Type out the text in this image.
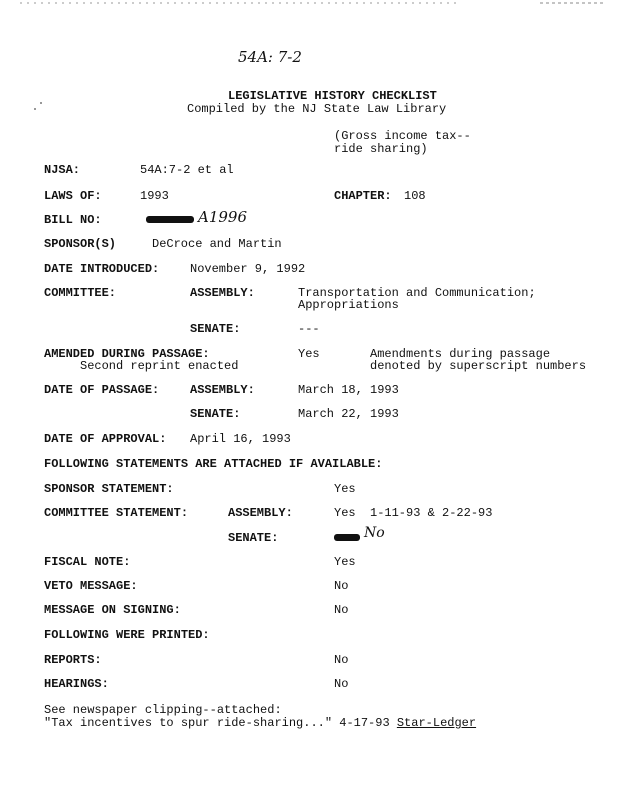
54A: 7-2
LEGISLATIVE HISTORY CHECKLIST
Compiled by the NJ State Law Library
(Gross income tax--
ride sharing)
NJSA:	54A:7-2 et al
LAWS OF:	1993	CHAPTER: 108
BILL NO:	A1996
SPONSOR(S)	DeCroce and Martin
DATE INTRODUCED:	November 9, 1992
COMMITTEE:	ASSEMBLY:	Transportation and Communication;
Appropriations
SENATE:	---
AMENDED DURING PASSAGE:
Second reprint enacted
Yes	Amendments during passage
denoted by superscript numbers
DATE OF PASSAGE:	ASSEMBLY:	March 18, 1993
SENATE:	March 22, 1993
DATE OF APPROVAL: April 16, 1993
FOLLOWING STATEMENTS ARE ATTACHED IF AVAILABLE:
SPONSOR STATEMENT:	Yes
COMMITTEE STATEMENT:	ASSEMBLY:	Yes 1-11-93 & 2-22-93
SENATE:	No
FISCAL NOTE:	Yes
VETO MESSAGE:	No
MESSAGE ON SIGNING:	No
FOLLOWING WERE PRINTED:
REPORTS:	No
HEARINGS:	No
See newspaper clipping--attached:
"Tax incentives to spur ride-sharing..." 4-17-93 Star-Ledger
